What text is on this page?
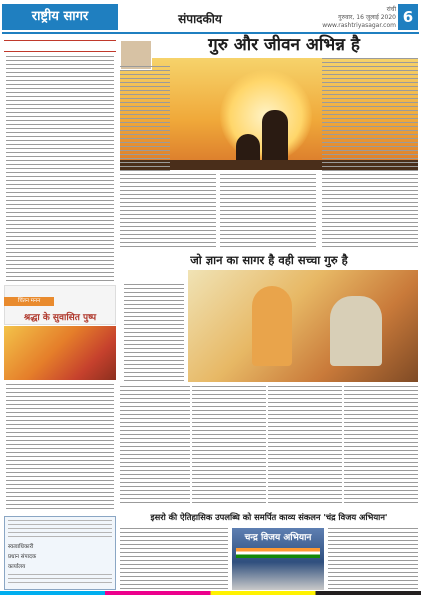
राष्ट्रीय सागर	संपादकीय
रांची
गुरुवार, 16 जुलाई 2020
www.rashtriyasagar.com 6
चिंतन मनन
श्रद्धा के सुवासित पुष्प
स्वत्वाधिकारी
प्रधान संपादक
कार्यालय
गुरु और जीवन अभिन्न है
जो ज्ञान का सागर है वही सच्चा गुरु है
इसरो की ऐतिहासिक उपलब्धि को समर्पित काव्य संकलन 'चंद्र विजय अभियान'
चन्द्र विजय अभियान
